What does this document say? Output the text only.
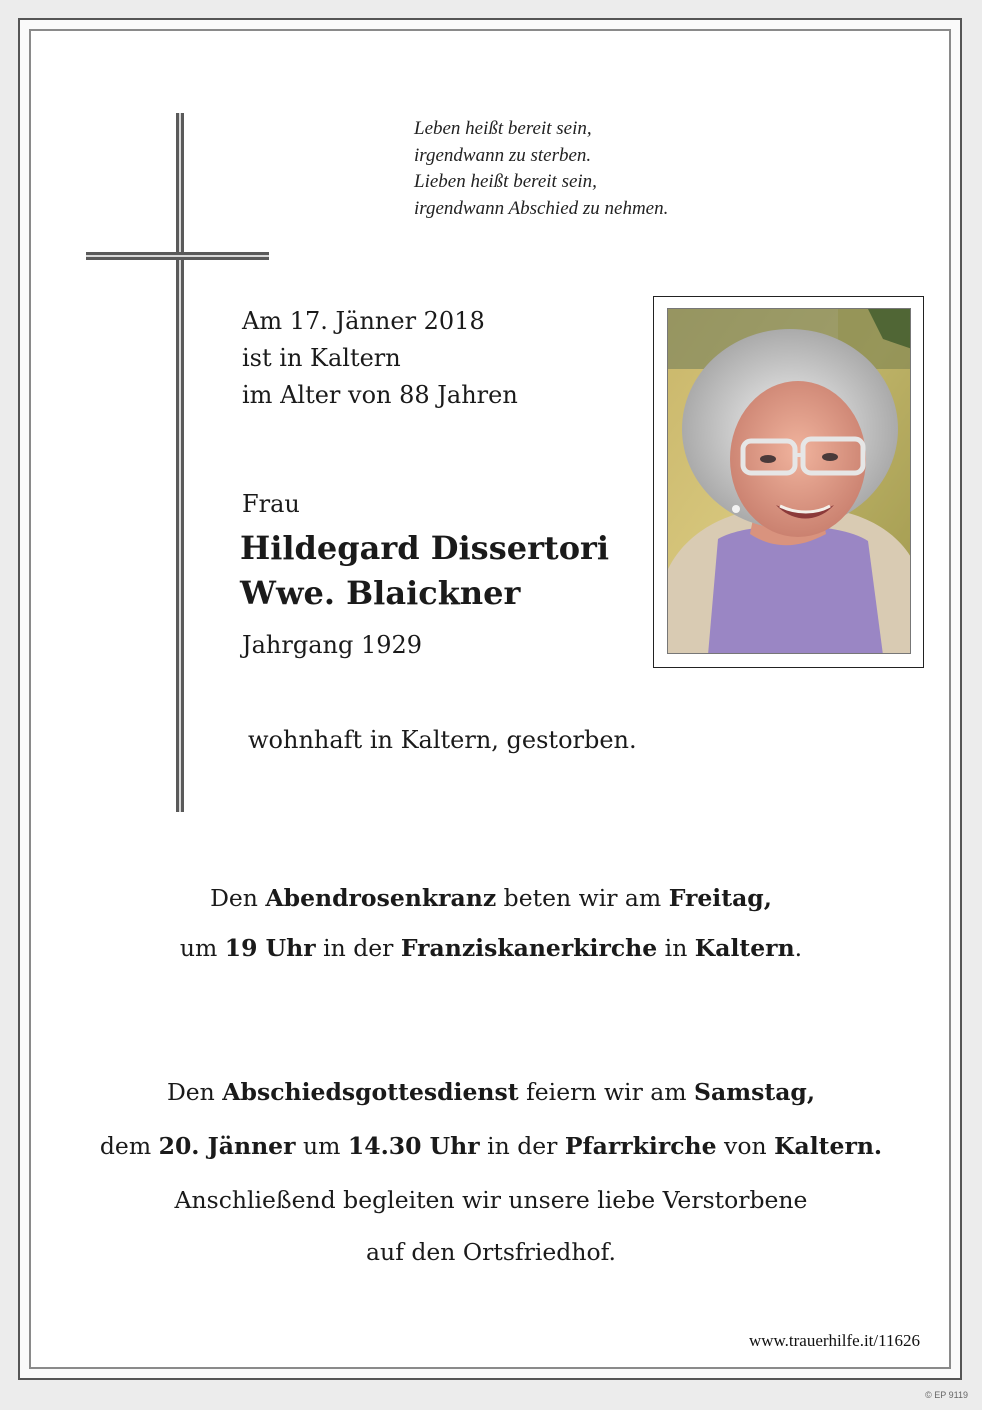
Leben heißt bereit sein,
irgendwann zu sterben.
Lieben heißt bereit sein,
irgendwann Abschied zu nehmen.
Am 17. Jänner 2018
ist in Kaltern
im Alter von 88 Jahren
Frau
Hildegard Dissertori
Wwe. Blaickner
Jahrgang 1929
wohnhaft in Kaltern, gestorben.
Den Abendrosenkranz beten wir am Freitag,
um 19 Uhr in der Franziskanerkirche in Kaltern.
Den Abschiedsgottesdienst feiern wir am Samstag,
dem 20. Jänner um 14.30 Uhr in der Pfarrkirche von Kaltern.
Anschließend begleiten wir unsere liebe Verstorbene
auf den Ortsfriedhof.
www.trauerhilfe.it/11626
© EP 9119
